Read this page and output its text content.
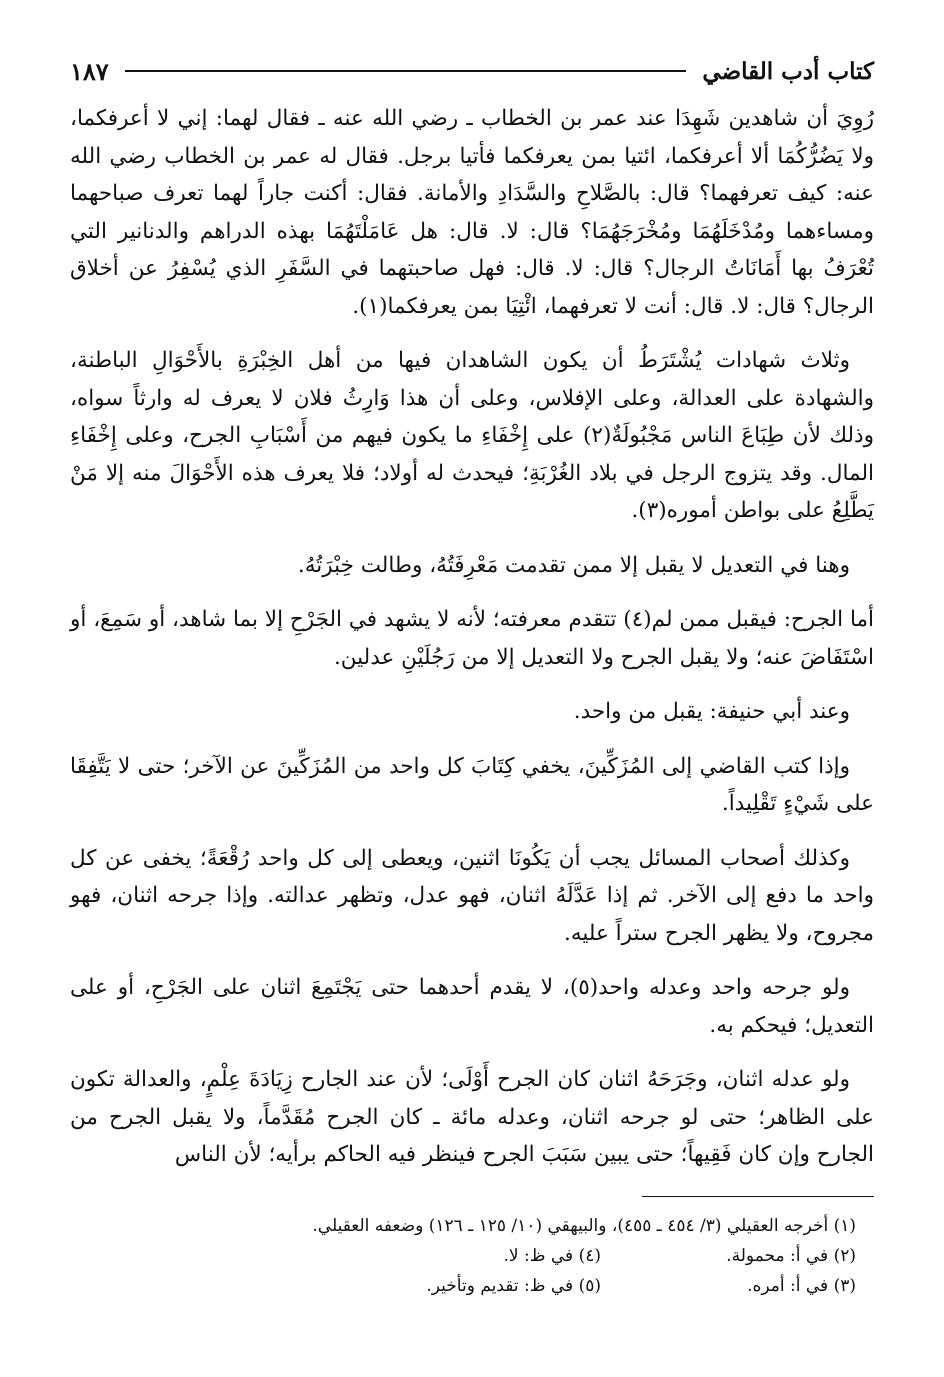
كتاب أدب القاضي
١٨٧

رُوِيَ أن شاهدين شَهِدَا عند عمر بن الخطاب ـ رضي الله عنه ـ فقال لهما: إني لا أعرفكما، ولا يَضُرُّكُمَا ألا أعرفكما، ائتيا بمن يعرفكما فأتيا برجل. فقال له عمر بن الخطاب رضي الله عنه: كيف تعرفهما؟ قال: بالصَّلاحِ والسَّدَادِ والأمانة. فقال: أكنت جاراً لهما تعرف صباحهما ومساءهما ومُدْخَلَهُمَا ومُخْرَجَهُمَا؟ قال: لا. قال: هل عَامَلْتَهُمَا بهذه الدراهم والدنانير التي تُعْرَفُ بها أَمَانَاتُ الرجال؟ قال: لا. قال: فهل صاحبتهما في السَّفَرِ الذي يُسْفِرُ عن أخلاق الرجال؟ قال: لا. قال: أنت لا تعرفهما، ائْتِيَا بمن يعرفكما(١).

وثلاث شهادات يُشْتَرَطُ أن يكون الشاهدان فيها من أهل الخِبْرَةِ بالأَحْوَالِ الباطنة، والشهادة على العدالة، وعلى الإفلاس، وعلى أن هذا وَارِثُ فلان لا يعرف له وارثاً سواه، وذلك لأن طِبَاعَ الناس مَجْبُولَةٌ(٢) على إِخْفَاءِ ما يكون فيهم من أَسْبَابِ الجرح، وعلى إِخْفَاءِ المال. وقد يتزوج الرجل في بلاد الغُرْبَةِ؛ فيحدث له أولاد؛ فلا يعرف هذه الأَحْوَالَ منه إلا مَنْ يَطَّلِعُ على بواطن أموره(٣).

وهنا في التعديل لا يقبل إلا ممن تقدمت مَعْرِفَتُهُ، وطالت خِبْرَتُهُ.

أما الجرح: فيقبل ممن لم(٤) تتقدم معرفته؛ لأنه لا يشهد في الجَرْحِ إلا بما شاهد، أو سَمِعَ، أو اسْتَفَاضَ عنه؛ ولا يقبل الجرح ولا التعديل إلا من رَجُلَيْنِ عدلين.

وعند أبي حنيفة: يقبل من واحد.

وإذا كتب القاضي إلى المُزَكِّينَ، يخفي كِتَابَ كل واحد من المُزَكِّينَ عن الآخر؛ حتى لا يَتَّفِقَا على شَيْءٍ تَقْلِيداً.

وكذلك أصحاب المسائل يجب أن يَكُونَا اثنين، ويعطى إلى كل واحد رُقْعَةً؛ يخفى عن كل واحد ما دفع إلى الآخر. ثم إذا عَدَّلَهُ اثنان، فهو عدل، وتظهر عدالته. وإذا جرحه اثنان، فهو مجروح، ولا يظهر الجرح ستراً عليه.

ولو جرحه واحد وعدله واحد(٥)، لا يقدم أحدهما حتى يَجْتَمِعَ اثنان على الجَرْحِ، أو على التعديل؛ فيحكم به.

ولو عدله اثنان، وجَرَحَهُ اثنان كان الجرح أَوْلَى؛ لأن عند الجارح زِيَادَةَ عِلْمٍ، والعدالة تكون على الظاهر؛ حتى لو جرحه اثنان، وعدله مائة ـ كان الجرح مُقَدَّماً، ولا يقبل الجرح من الجارح وإن كان فَقِيهاً؛ حتى يبين سَبَبَ الجرح فينظر فيه الحاكم برأيه؛ لأن الناس

(١) أخرجه العقيلي (٣/ ٤٥٤ ـ ٤٥٥)، والبيهقي (١٠/ ١٢٥ ـ ١٢٦) وضعفه العقيلي.
(٢) في أ: محمولة.
(٤) في ظ: لا.
(٣) في أ: أمره.
(٥) في ظ: تقديم وتأخير.
